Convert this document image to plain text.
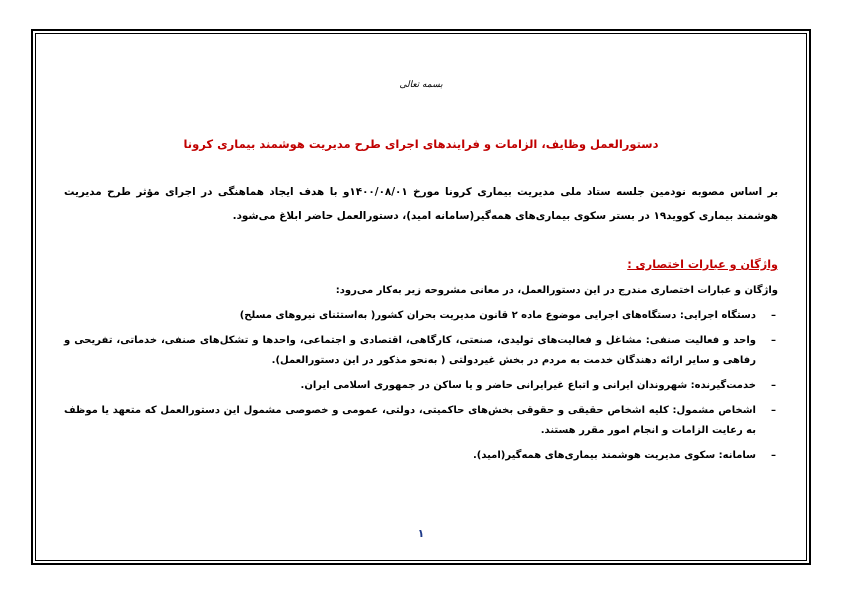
بسمه تعالی
دستورالعمل وظایف، الزامات و فرایندهای اجرای طرح مدیریت هوشمند بیماری کرونا
بر اساس مصوبه نودمین جلسه ستاد ملی مدیریت بیماری کرونا مورخ ۱۴۰۰/۰۸/۰۱و با هدف ایجاد هماهنگی در اجرای مؤثر طرح مدیریت هوشمند بیماری کووید۱۹ در بستر سکوی بیماری‌های همه‌گیر(سامانه امید)، دستورالعمل حاضر ابلاغ می‌شود.
واژگان و عبارات اختصاری :
واژگان و عبارات اختصاری مندرج در این دستورالعمل، در معانی مشروحه زیر به‌کار می‌رود:
–
دستگاه اجرایی: دستگاه‌های اجرایی موضوع ماده ۲ قانون مدیریت بحران کشور( به‌استثنای نیروهای مسلح)
–
واحد و فعالیت صنفی: مشاغل و فعالیت‌های تولیدی، صنعتی، کارگاهی، اقتصادی و اجتماعی، واحدها و تشکل‌های صنفی، خدماتی، تفریحی و رفاهی و سایر ارائه دهندگان خدمت به مردم در بخش غیردولتی ( به‌نحو مذکور در این دستورالعمل).
–
خدمت‌گیرنده: شهروندان ایرانی و اتباع غیرایرانی حاضر و یا ساکن در جمهوری اسلامی ایران.
–
اشخاص مشمول: کلیه اشخاص حقیقی و حقوقی بخش‌های حاکمیتی، دولتی، عمومی و خصوصی مشمول این دستورالعمل که متعهد یا موظف به رعایت الزامات و انجام امور مقرر هستند.
–
سامانه: سکوی مدیریت هوشمند بیماری‌های همه‌گیر(امید).
۱
